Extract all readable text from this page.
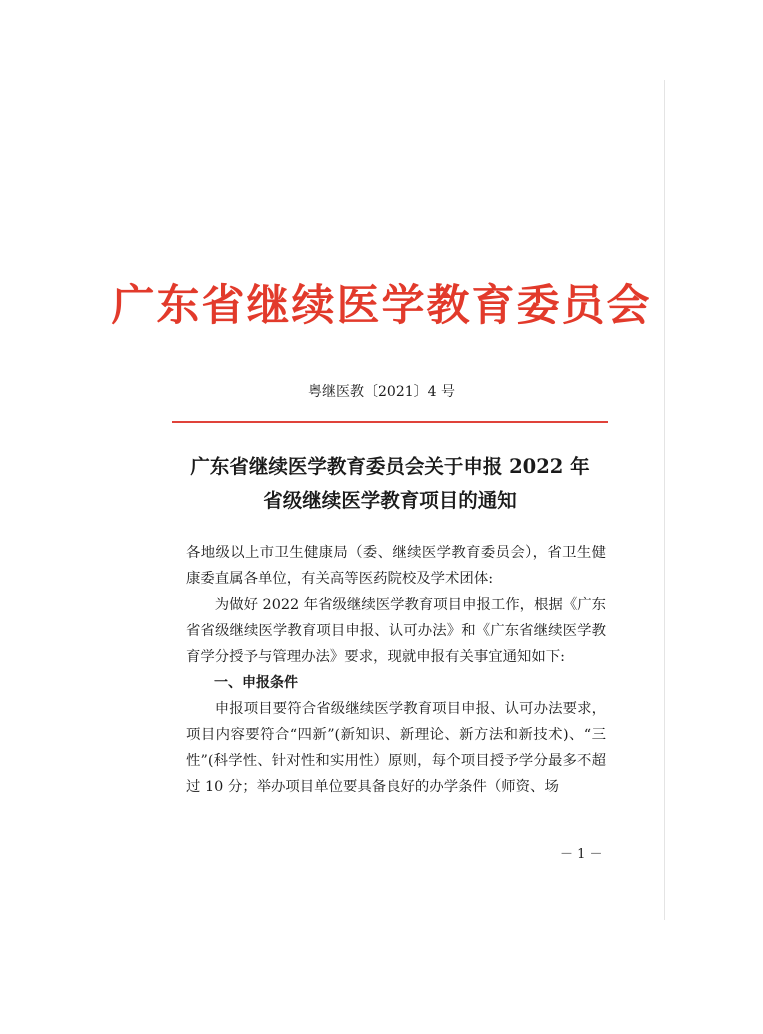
广东省继续医学教育委员会
粤继医教〔2021〕4 号
广东省继续医学教育委员会关于申报 2022 年
省级继续医学教育项目的通知

各地级以上市卫生健康局（委、继续医学教育委员会），省卫生健康委直属各单位，有关高等医药院校及学术团体:

为做好 2022 年省级继续医学教育项目申报工作，根据《广东省省级继续医学教育项目申报、认可办法》和《广东省继续医学教育学分授予与管理办法》要求，现就申报有关事宜通知如下:

一、申报条件

申报项目要符合省级继续医学教育项目申报、认可办法要求，项目内容要符合“四新”(新知识、新理论、新方法和新技术)、“三性”(科学性、针对性和实用性）原则，每个项目授予学分最多不超过 10 分；举办项目单位要具备良好的办学条件（师资、场

－ 1 －
